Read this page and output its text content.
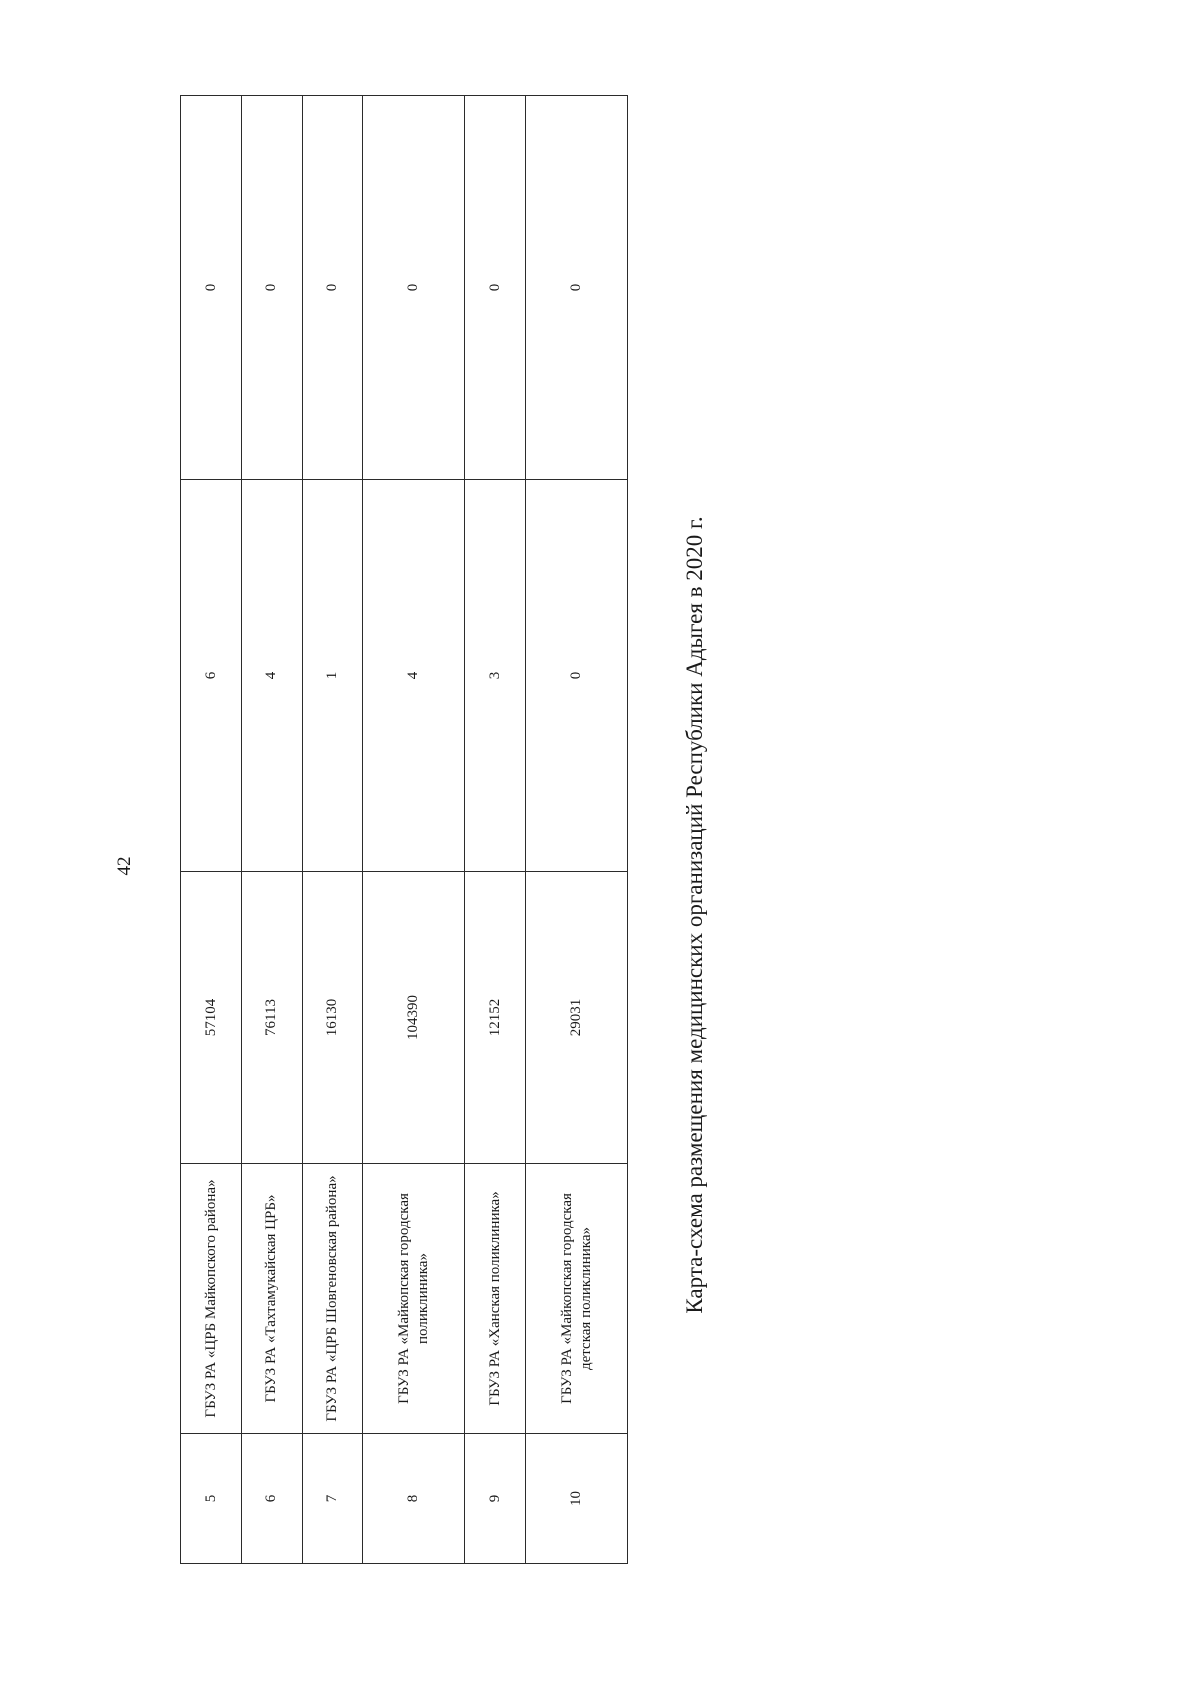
42
5	ГБУЗ РА «ЦРБ Майкопского района»	57104	6	0
6	ГБУЗ РА «Тахтамукайская ЦРБ»	76113	4	0
7	ГБУЗ РА «ЦРБ Шовгеновская района»	16130	1	0
8	ГБУЗ РА «Майкопская городская поликлиника»	104390	4	0
9	ГБУЗ РА «Ханская поликлиника»	12152	3	0
10	ГБУЗ РА «Майкопская городская детская поликлиника»	29031	0	0
Карта-схема размещения медицинских организаций Республики Адыгея в 2020 г.
